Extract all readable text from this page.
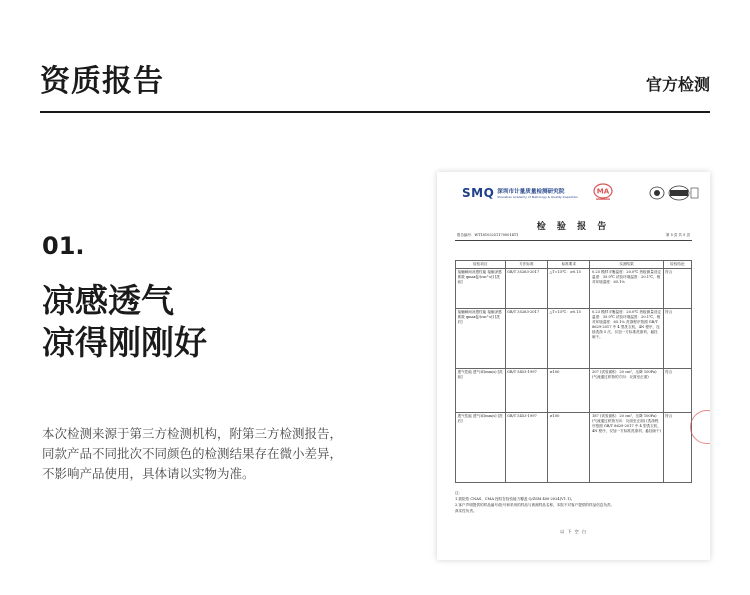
资质报告	官方检测
01.
凉感透气
凉得刚刚好
本次检测来源于第三方检测机构，附第三方检测报告，
同款产品不同批次不同颜色的检测结果存在微小差异，
不影响产品使用，具体请以实物为准。
SMQ 深圳市计量质量检测研究院
Shenzhen Academy of Metrology & Quality Inspection
MA
检 验 报 告
报告编号：WT181032511700014T1	第 5 页 共 5 页
检验项目	方法标准	标准要求	实测结果	检验结论
接触瞬间凉感性能 接触凉感系数 qmax[J/(cm²·s)] [洗前]	GB/T 35263-2017	△T=15℃：≥0.15	0.25 模样平衡温度：20.0℃ 热板测量设定温度：35.0℃ 试验环境温度：20.1℃，相对环境湿度：65.1%	符合
接触瞬间凉感性能 接触凉感系数 qmax[J/(cm²·s)] [洗后]	GB/T 35263-2017	△T=15℃：≥0.15	0.23 模样平衡温度：20.0℃ 热板测量设定温度：35.0℃ 试验环境温度：20.1℃，相对环境湿度：65.1% 洗涤程序按照 GB/T 8629-2017 中 4 型洗衣机，4N 程序，连续洗涤 5 次，仅加一方标准洗涤剂，悬挂晾干。	符合
透气性能 透气率(mm/s) [洗前]	GB/T 5453-1997	≥100	207 (试验面积：20 cm²，压降 100Pa) (气流通过织物的方向：反面至正面)	符合
透气性能 透气率(mm/s) [洗后]	GB/T 5453-1997	≥100	187 (试验面积：20 cm²，压降 100Pa) (气流通过织物方向：反面至正面) (洗涤程序按照 GB/T 8629-2017 中 4 型洗衣机，4N 程序，仅加一方标准洗涤剂，悬挂晾干)	符合
注：
1.我院依 CNAS、CMA 授权在检验能力覆盖 Q/ZSM 400-2024(V1.1)。
2.客户声明提供的样品编号/批号和采用的样品与被测样品名称，本院不对客户提供的样品信息负责。
真实性负责。
以 下 空 白
